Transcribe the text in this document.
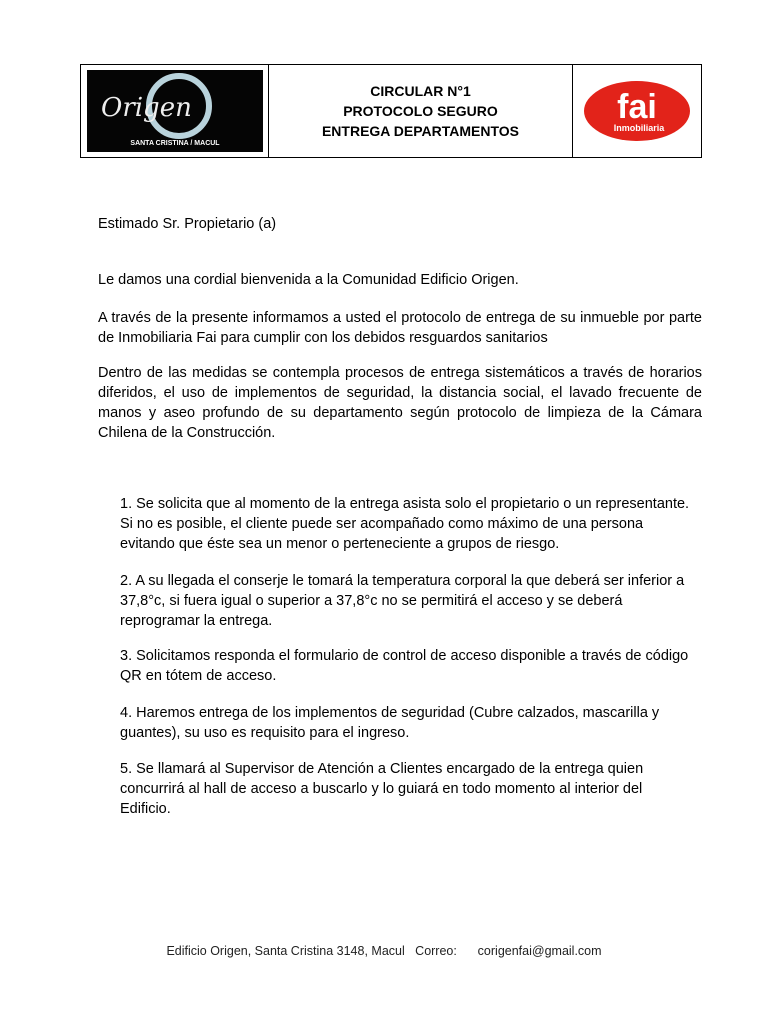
Origen
SANTA CRISTINA / MACUL
CIRCULAR N°1
PROTOCOLO SEGURO
ENTREGA DEPARTAMENTOS
fai
Inmobiliaria
Estimado Sr. Propietario (a)
Le damos una cordial bienvenida a la Comunidad Edificio Origen.
A través de la presente informamos a usted el protocolo de entrega de su inmueble por parte de Inmobiliaria Fai para cumplir con los debidos resguardos sanitarios
Dentro de las medidas se contempla procesos de entrega sistemáticos a través de horarios diferidos, el uso de implementos de seguridad, la distancia social, el lavado frecuente de manos y aseo profundo de su departamento según protocolo de limpieza de la Cámara Chilena de la Construcción.
1. Se solicita que al momento de la entrega asista solo el propietario o un representante. Si no es posible, el cliente puede ser acompañado como máximo de una persona evitando que éste sea un menor o perteneciente a grupos de riesgo.
2. A su llegada el conserje le tomará la temperatura corporal la que deberá ser inferior a 37,8°c, si fuera igual o superior a 37,8°c no se permitirá el acceso y se deberá reprogramar la entrega.
3. Solicitamos responda el formulario de control de acceso disponible a través de código QR en tótem de acceso.
4. Haremos entrega de los implementos de seguridad (Cubre calzados, mascarilla y guantes), su uso es requisito para el ingreso.
5. Se llamará al Supervisor de Atención a Clientes encargado de la entrega quien concurrirá al hall de acceso a buscarlo y lo guiará en todo momento al interior del Edificio.
Edificio Origen, Santa Cristina 3148, Macul   Correo:      corigenfai@gmail.com
